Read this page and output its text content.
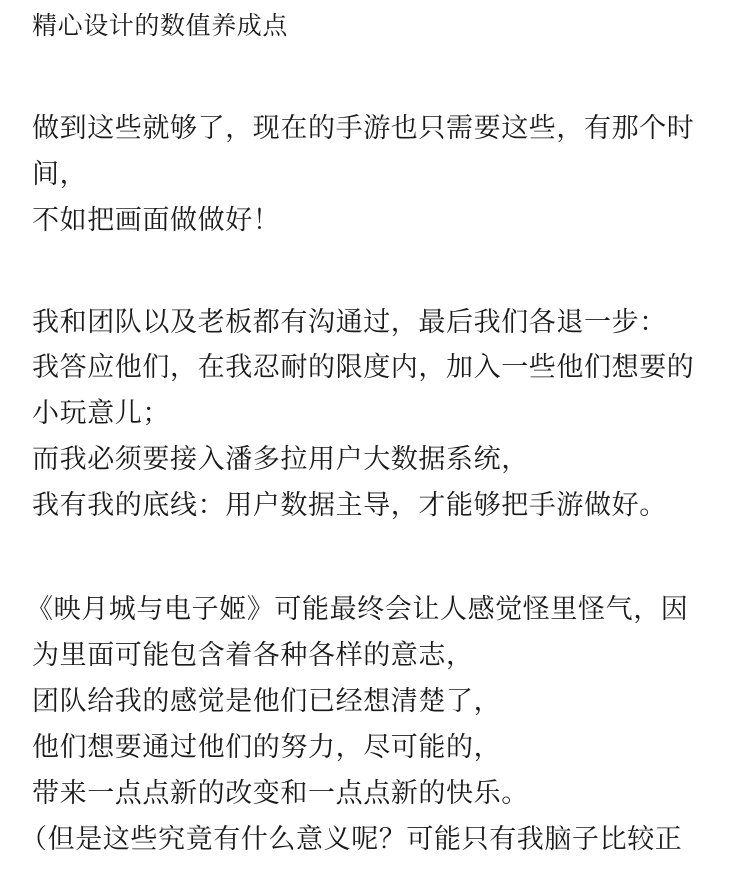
精心设计的数值养成点
做到这些就够了，现在的手游也只需要这些，有那个时
间，
不如把画面做做好！
我和团队以及老板都有沟通过，最后我们各退一步：
我答应他们，在我忍耐的限度内，加入一些他们想要的
小玩意儿；
而我必须要接入潘多拉用户大数据系统，
我有我的底线：用户数据主导，才能够把手游做好。
《映月城与电子姬》可能最终会让人感觉怪里怪气，因
为里面可能包含着各种各样的意志，
团队给我的感觉是他们已经想清楚了，
他们想要通过他们的努力，尽可能的，
带来一点点新的改变和一点点新的快乐。
（但是这些究竟有什么意义呢？可能只有我脑子比较正
